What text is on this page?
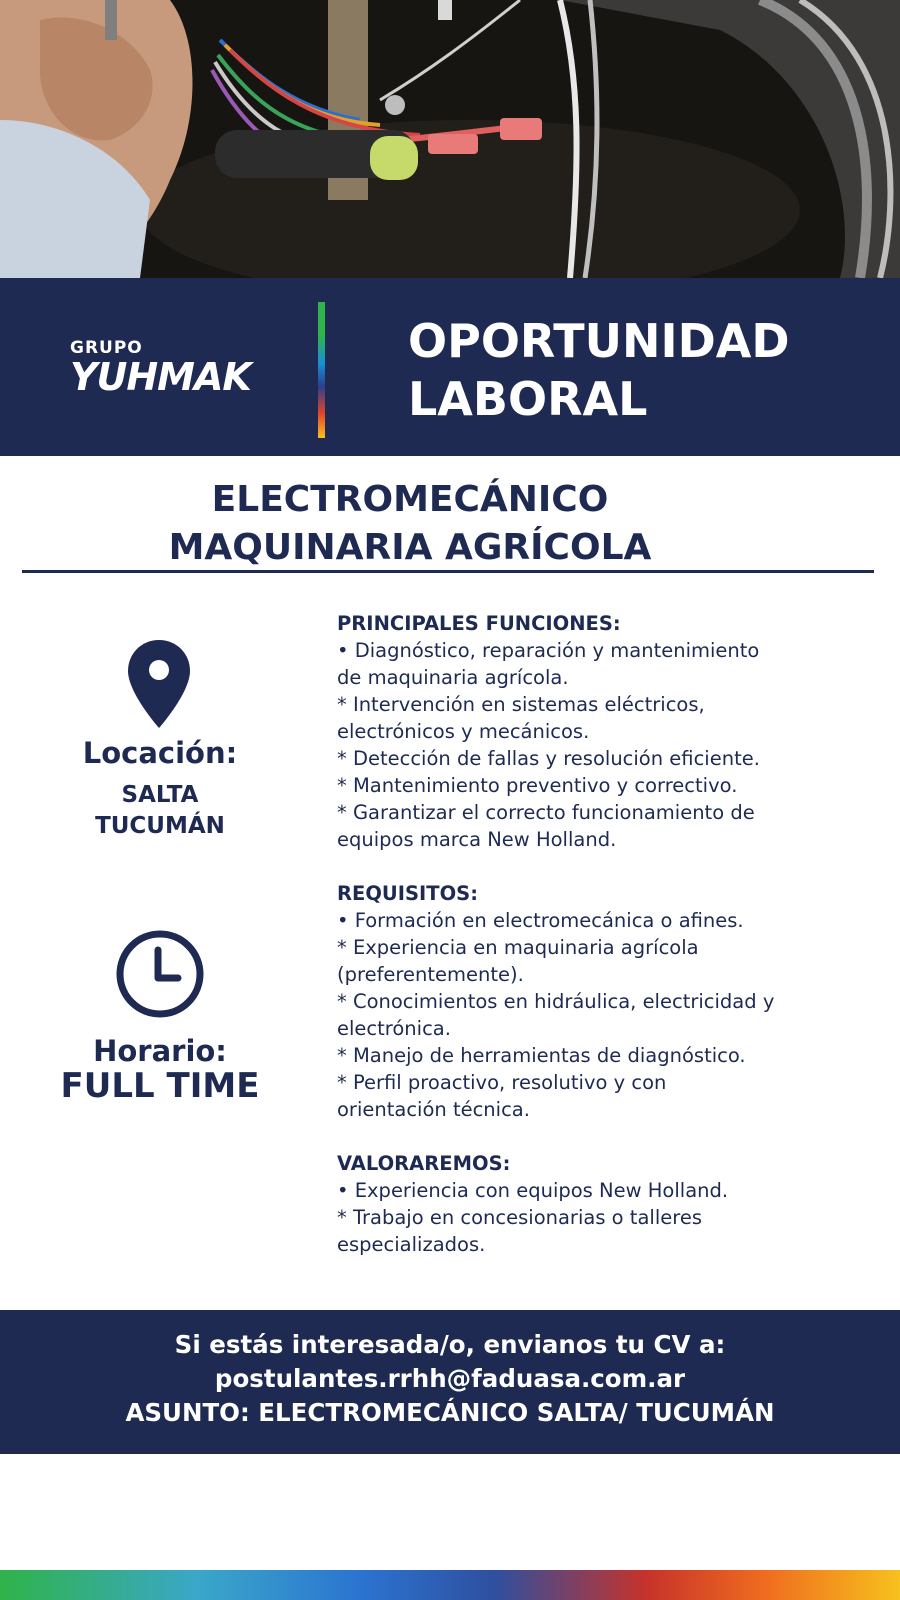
GRUPO
YUHMAK
OPORTUNIDAD
LABORAL
ELECTROMECÁNICO
MAQUINARIA AGRÍCOLA
Locación:
SALTA
TUCUMÁN
Horario:
FULL TIME
PRINCIPALES FUNCIONES:
• Diagnóstico, reparación y mantenimiento
de maquinaria agrícola.
* Intervención en sistemas eléctricos,
electrónicos y mecánicos.
* Detección de fallas y resolución eficiente.
* Mantenimiento preventivo y correctivo.
* Garantizar el correcto funcionamiento de
equipos marca New Holland.
REQUISITOS:
• Formación en electromecánica o afines.
* Experiencia en maquinaria agrícola
(preferentemente).
* Conocimientos en hidráulica, electricidad y
electrónica.
* Manejo de herramientas de diagnóstico.
* Perfil proactivo, resolutivo y con
orientación técnica.
VALORAREMOS:
• Experiencia con equipos New Holland.
* Trabajo en concesionarias o talleres
especializados.
Si estás interesada/o, envianos tu CV a:
postulantes.rrhh@faduasa.com.ar
ASUNTO: ELECTROMECÁNICO SALTA/ TUCUMÁN
